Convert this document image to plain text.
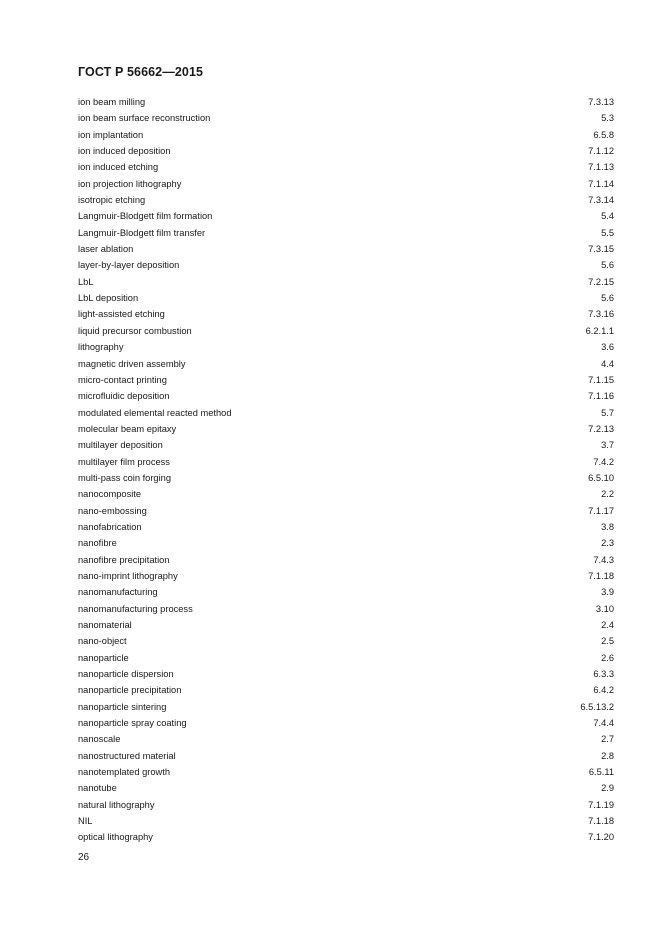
ГОСТ Р 56662—2015
ion beam milling	7.3.13
ion beam surface reconstruction	5.3
ion implantation	6.5.8
ion induced deposition	7.1.12
ion induced etching	7.1.13
ion projection lithography	7.1.14
isotropic etching	7.3.14
Langmuir-Blodgett film formation	5.4
Langmuir-Blodgett film transfer	5.5
laser ablation	7.3.15
layer-by-layer deposition	5.6
LbL	7.2.15
LbL deposition	5.6
light-assisted etching	7.3.16
liquid precursor combustion	6.2.1.1
lithography	3.6
magnetic driven assembly	4.4
micro-contact printing	7.1.15
microfluidic deposition	7.1.16
modulated elemental reacted method	5.7
molecular beam epitaxy	7.2.13
multilayer deposition	3.7
multilayer film process	7.4.2
multi-pass coin forging	6.5.10
nanocomposite	2.2
nano-embossing	7.1.17
nanofabrication	3.8
nanofibre	2.3
nanofibre precipitation	7.4.3
nano-imprint lithography	7.1.18
nanomanufacturing	3.9
nanomanufacturing process	3.10
nanomaterial	2.4
nano-object	2.5
nanoparticle	2.6
nanoparticle dispersion	6.3.3
nanoparticle precipitation	6.4.2
nanoparticle sintering	6.5.13.2
nanoparticle spray coating	7.4.4
nanoscale	2.7
nanostructured material	2.8
nanotemplated growth	6.5.11
nanotube	2.9
natural lithography	7.1.19
NIL	7.1.18
optical lithography	7.1.20
26
